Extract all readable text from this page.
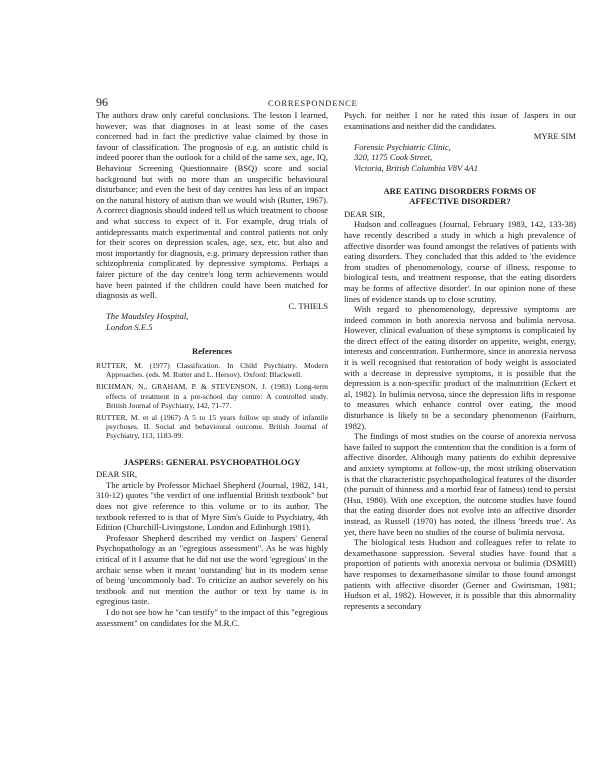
96	CORRESPONDENCE

The authors draw only careful conclusions. The lesson I learned, however, was that diagnoses in at least some of the cases concerned had in fact the predictive value claimed by those in favour of classification. The prognosis of e.g. an autistic child is indeed poorer than the outlook for a child of the same sex, age, IQ, Behaviour Screening Questionnaire (BSQ) score and social background but with no more than an unspecific behavioural disturbance; and even the best of day centres has less of an impact on the natural history of autism than we would wish (Rutter, 1967). A correct diagnosis should indeed tell us which treatment to choose and what success to expect of it. For example, drug trials of antidepressants match experimental and control patients not only for their scores on depression scales, age, sex, etc. but also and most importantly for diagnosis, e.g. primary depression rather than schizophrenia complicated by depressive symptoms. Perhaps a fairer picture of the day centre's long term achievements would have been painted if the children could have been matched for diagnosis as well.

C. THIELS

The Maudsley Hospital,

London S.E.5

References

RUTTER, M. (1977) Classification. In Child Psychiatry. Modern Approaches. (eds. M. Rutter and L. Hersov). Oxford: Blackwell.

RICHMAN, N., GRAHAM, P. & STEVENSON, J. (1983) Long-term effects of treatment in a pre-school day centre: A controlled study. British Journal of Psychiatry, 142, 71-77.

RUTTER, M. et al (1967) A 5 to 15 years follow up study of infantile psychoses. II. Social and behavioural outcome. British Journal of Psychiatry, 113, 1183-99.

JASPERS: GENERAL PSYCHOPATHOLOGY

DEAR SIR,

The article by Professor Michael Shepherd (Journal, 1982, 141, 310-12) quotes "the verdict of one influential British textbook" but does not give reference to this volume or to its author. The textbook referred to is that of Myre Sim's Guide to Psychiatry, 4th Edition (Churchill-Livingstone, London and Edinburgh 1981).

Professor Shepherd described my verdict on Jaspers' General Psychopathology as an "egregious assessment". As he was highly critical of it I assume that he did not use the word 'egregious' in the archaic sense when it meant 'outstanding' but in its modern sense of being 'uncommonly bad'. To criticize an author severely on his textbook and not mention the author or text by name is in egregious taste.

I do not see how he "can testify" to the impact of this "egregious assessment" on candidates for the M.R.C.

Psych. for neither I nor he rated this issue of Jaspers in our examinations and neither did the candidates.

MYRE SIM

Forensic Psychiatric Clinic,

320, 1175 Cook Street,

Victoria, British Columbia V8V 4A1

ARE EATING DISORDERS FORMS OF
AFFECTIVE DISORDER?

DEAR SIR,

Hudson and colleagues (Journal, February 1983, 142, 133-38) have recently described a study in which a high prevalence of affective disorder was found amongst the relatives of patients with eating disorders. They concluded that this added to 'the evidence from studies of phenomenology, course of illness, response to biological tests, and treatment response, that the eating disorders may be forms of affective disorder'. In our opinion none of these lines of evidence stands up to close scrutiny.

With regard to phenomenology, depressive symptoms are indeed common in both anorexia nervosa and bulimia nervosa. However, clinical evaluation of these symptoms is complicated by the direct effect of the eating disorder on appetite, weight, energy, interests and concentration. Furthermore, since in anorexia nervosa it is well recognised that restoration of body weight is associated with a decrease in depressive symptoms, it is possible that the depression is a non-specific product of the malnutrition (Eckert et al, 1982). In bulimia nervosa, since the depression lifts in response to measures which enhance control over eating, the mood disturbance is likely to be a secondary phenomenon (Fairburn, 1982).

The findings of most studies on the course of anorexia nervosa have failed to support the contention that the condition is a form of affective disorder. Although many patients do exhibit depressive and anxiety symptoms at follow-up, the most striking observation is that the characteristic psychopathological features of the disorder (the pursuit of thinness and a morbid fear of fatness) tend to persist (Hsu, 1980). With one exception, the outcome studies have found that the eating disorder does not evolve into an affective disorder instead, as Russell (1970) has noted, the illness 'breeds true'. As yet, there have been no studies of the course of bulimia nervosa.

The biological tests Hudson and colleagues refer to relate to dexamethasone suppression. Several studies have found that a proportion of patients with anorexia nervosa or bulimia (DSMIII) have responses to dexamethasone similar to those found amongst patients with affective disorder (Gerner and Gwirtsman, 1981; Hudson et al, 1982). However, it is possible that this abnormality represents a secondary
